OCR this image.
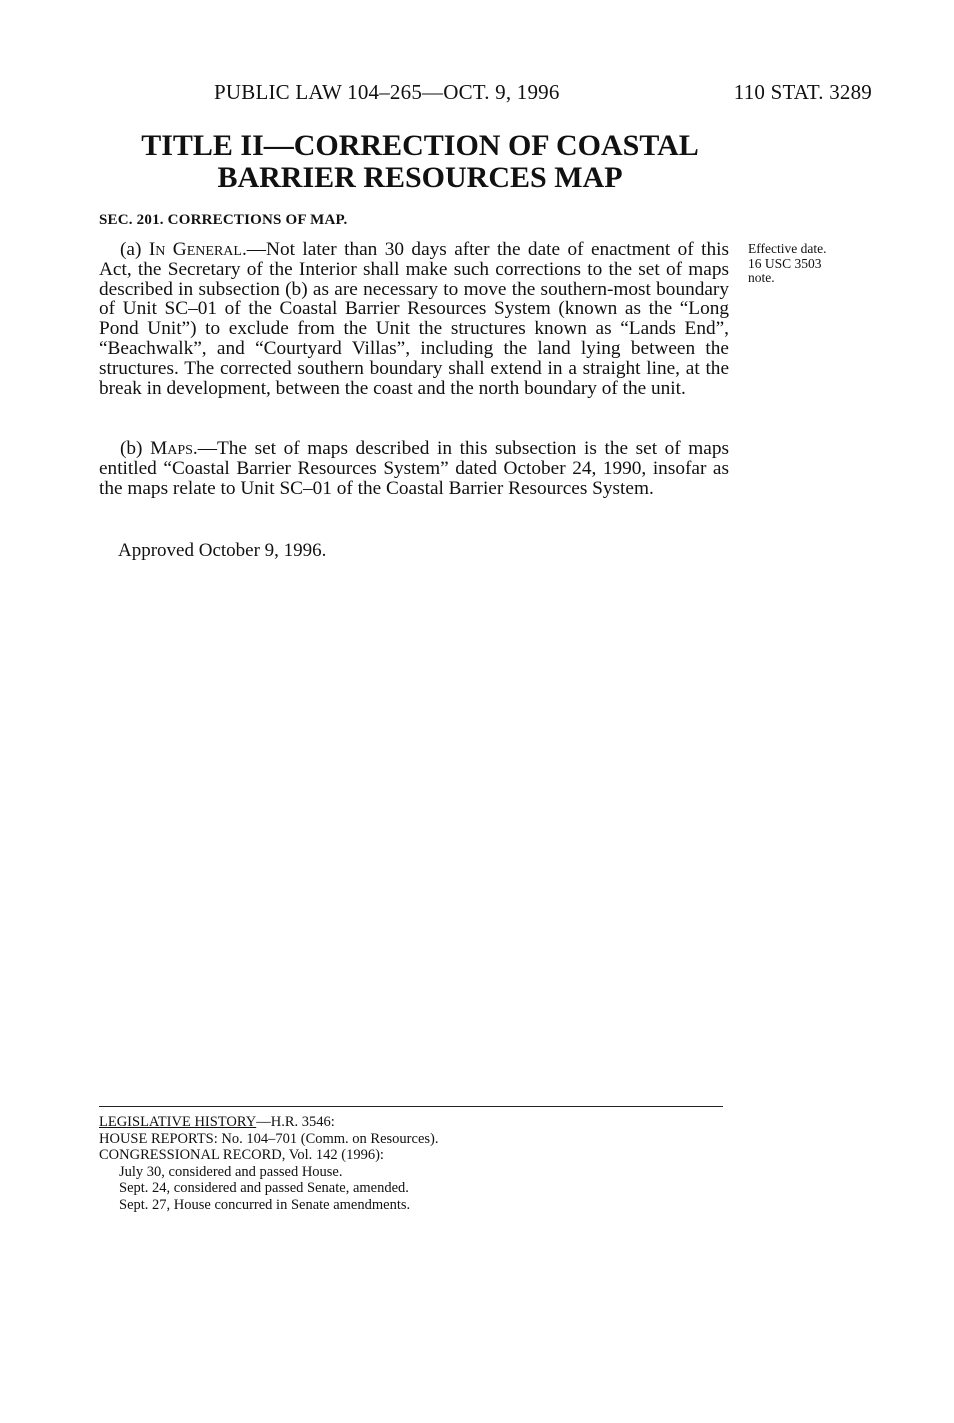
PUBLIC LAW 104–265—OCT. 9, 1996	110 STAT. 3289
TITLE II—CORRECTION OF COASTAL
BARRIER RESOURCES MAP
SEC. 201. CORRECTIONS OF MAP.
(a) In General.—Not later than 30 days after the date of enactment of this Act, the Secretary of the Interior shall make such corrections to the set of maps described in subsection (b) as are necessary to move the southern-most boundary of Unit SC–01 of the Coastal Barrier Resources System (known as the “Long Pond Unit”) to exclude from the Unit the structures known as “Lands End”, “Beachwalk”, and “Courtyard Villas”, including the land lying between the structures. The corrected southern boundary shall extend in a straight line, at the break in development, between the coast and the north boundary of the unit.
(b) Maps.—The set of maps described in this subsection is the set of maps entitled “Coastal Barrier Resources System” dated October 24, 1990, insofar as the maps relate to Unit SC–01 of the Coastal Barrier Resources System.
Effective date.
16 USC 3503
note.
Approved October 9, 1996.
LEGISLATIVE HISTORY—H.R. 3546:
HOUSE REPORTS: No. 104–701 (Comm. on Resources).
CONGRESSIONAL RECORD, Vol. 142 (1996):
July 30, considered and passed House.
Sept. 24, considered and passed Senate, amended.
Sept. 27, House concurred in Senate amendments.
